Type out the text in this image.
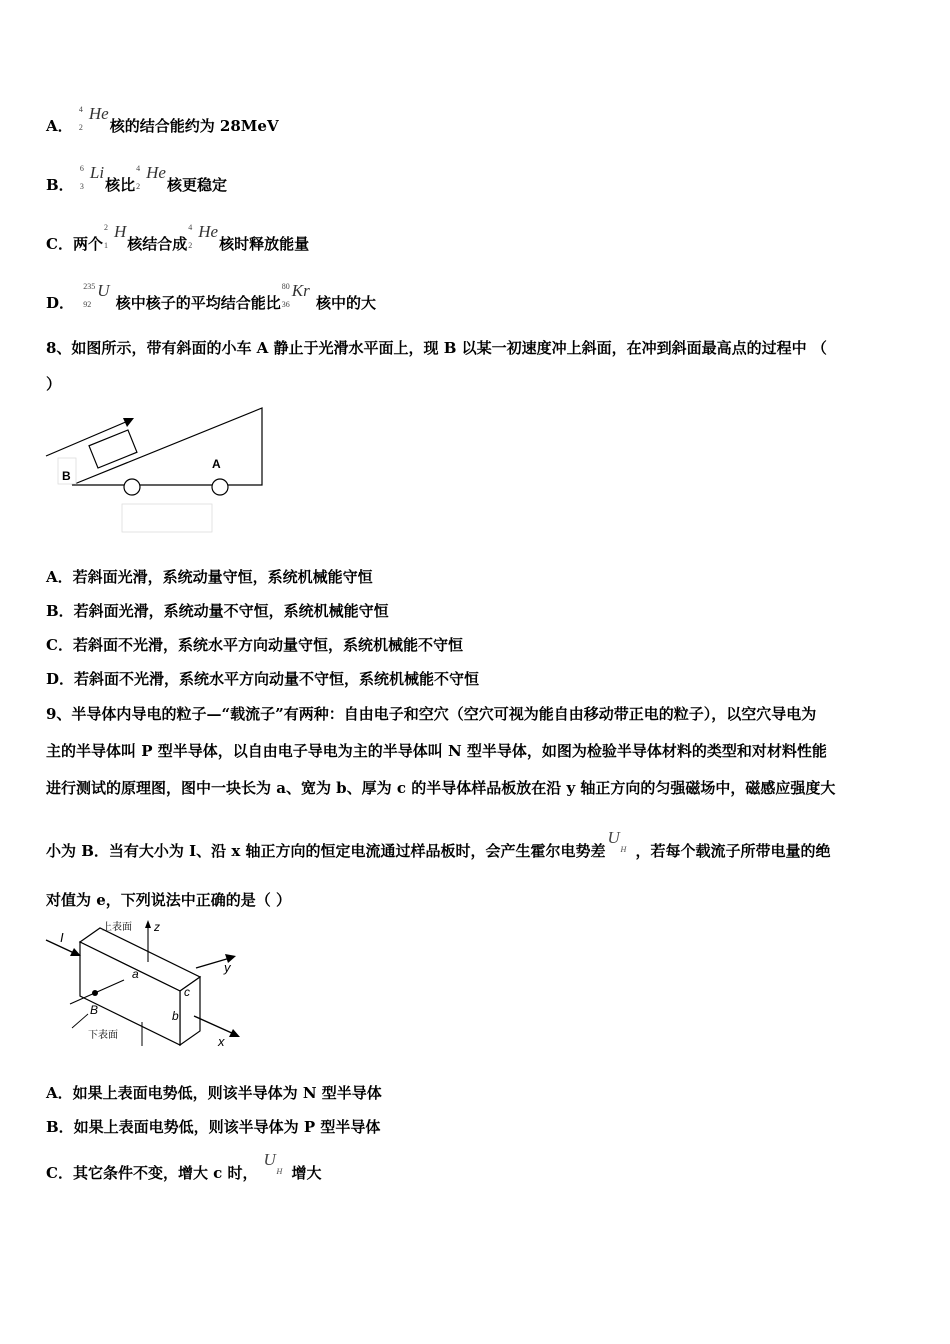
A．
4
2
He核的结合能约为 28MeV
B．
6
3
Li核比
4
2
He核更稳定
C．两个
2
1
H核结合成
4
2
He核时释放能量
D．
235
92
U 核中核子的平均结合能比
80
36
Kr 核中的大
8、如图所示，带有斜面的小车 A 静止于光滑水平面上，现 B 以某一初速度冲上斜面，在冲到斜面最高点的过程中 （
）
B
A
A．若斜面光滑，系统动量守恒，系统机械能守恒
B．若斜面光滑，系统动量不守恒，系统机械能守恒
C．若斜面不光滑，系统水平方向动量守恒，系统机械能不守恒
D．若斜面不光滑，系统水平方向动量不守恒，系统机械能不守恒
9、半导体内导电的粒子—“载流子”有两种：自由电子和空穴（空穴可视为能自由移动带正电的粒子），以空穴导电为
主的半导体叫 P 型半导体，以自由电子导电为主的半导体叫 N 型半导体，如图为检验半导体材料的类型和对材料性能
进行测试的原理图，图中一块长为 a、宽为 b、厚为 c 的半导体样品板放在沿 y 轴正方向的匀强磁场中，磁感应强度大
小为 B．当有大小为 I、沿 x 轴正方向的恒定电流通过样品板时，会产生霍尔电势差
U
H ，若每个载流子所带电量的绝
对值为 e，下列说法中正确的是（ ）
I
z
上表面
y
a
c
b
B
下表面	x
A．如果上表面电势低，则该半导体为 N 型半导体
B．如果上表面电势低，则该半导体为 P 型半导体
C．其它条件不变，增大 c 时，
U
H 增大
